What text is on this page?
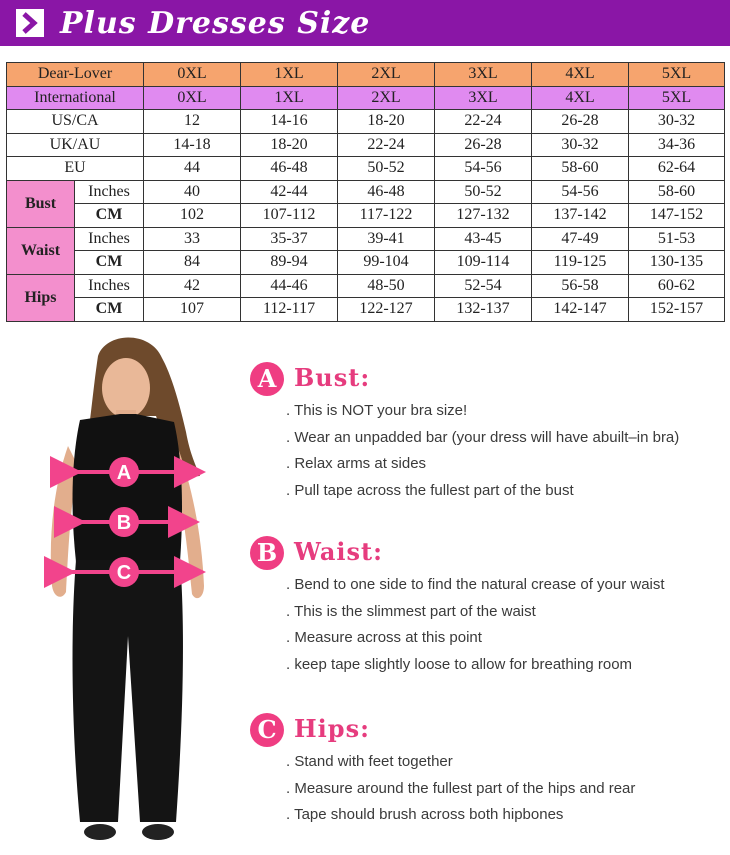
Plus Dresses Size
Dear-Lover		0XL	1XL	2XL	3XL	4XL	5XL
International		0XL	1XL	2XL	3XL	4XL	5XL
US/CA		12	14-16	18-20	22-24	26-28	30-32
UK/AU		14-18	18-20	22-24	26-28	30-32	34-36
EU		44	46-48	50-52	54-56	58-60	62-64
Bust	Inches	40	42-44	46-48	50-52	54-56	58-60
	CM	102	107-112	117-122	127-132	137-142	147-152
Waist	Inches	33	35-37	39-41	43-45	47-49	51-53
	CM	84	89-94	99-104	109-114	119-125	130-135
Hips	Inches	42	44-46	48-50	52-54	56-58	60-62
	CM	107	112-117	122-127	132-137	142-147	152-157
A
B
C
A Bust:
. This is NOT your bra size!
. Wear an unpadded bar (your dress will have abuilt–in bra)
. Relax arms at sides
. Pull tape across the fullest part of the bust
B Waist:
. Bend to one side to find the natural crease of your waist
. This is the slimmest part of the waist
. Measure across at this point
. keep tape slightly loose to allow for breathing room
C Hips:
. Stand with feet together
. Measure around the fullest part of the hips and rear
. Tape should brush across both hipbones
